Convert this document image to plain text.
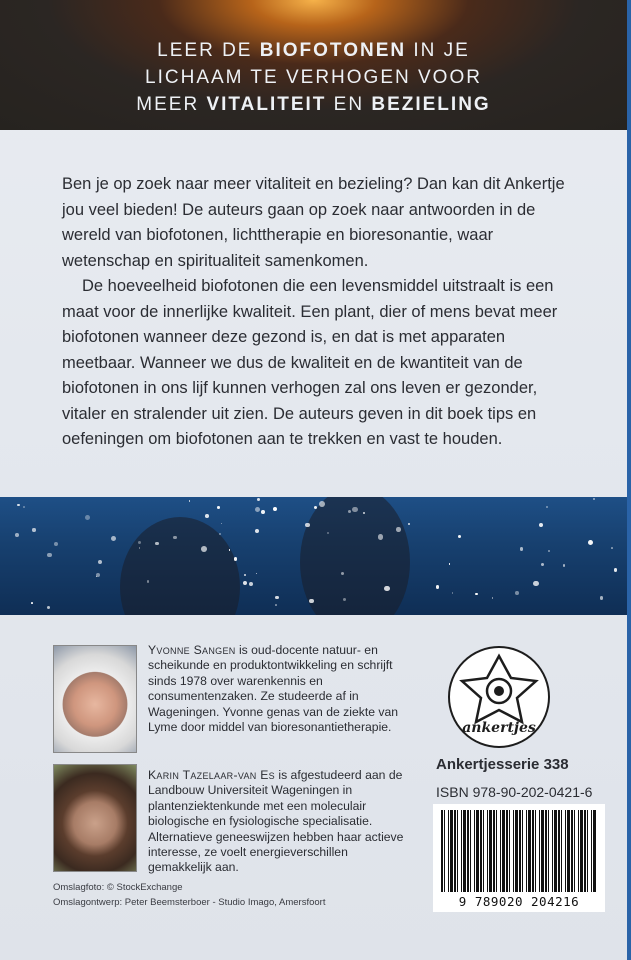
LEER DE BIOFOTONEN IN JE
LICHAAM TE VERHOGEN VOOR
MEER VITALITEIT EN BEZIELING

Ben je op zoek naar meer vitaliteit en bezieling? Dan kan dit Ankertje jou veel bieden! De auteurs gaan op zoek naar antwoorden in de wereld van biofotonen, lichttherapie en bioresonantie, waar wetenschap en spiritualiteit samenkomen.

De hoeveelheid biofotonen die een levensmiddel uitstraalt is een maat voor de innerlijke kwaliteit. Een plant, dier of mens bevat meer biofotonen wanneer deze gezond is, en dat is met apparaten meetbaar. Wanneer we dus de kwaliteit en de kwantiteit van de biofotonen in ons lijf kunnen verhogen zal ons leven er gezonder, vitaler en stralender uit zien. De auteurs geven in dit boek tips en oefeningen om biofotonen aan te trekken en vast te houden.

Yvonne Sangen is oud-docente natuur- en scheikunde en produktontwikkeling en schrijft sinds 1978 over warenkennis en consumentenzaken. Ze studeerde af in Wageningen. Yvonne genas van de ziekte van Lyme door middel van bioresonantietherapie.

Karin Tazelaar-van Es is afgestudeerd aan de Landbouw Universiteit Wageningen in plantenziektenkunde met een moleculair biologische en fysiologische specialisatie. Alternatieve geneeswijzen hebben haar actieve interesse, ze voelt energieverschillen gemakkelijk aan.

ankertjes
Ankertjesserie 338
ISBN 978-90-202-0421-6
9 789020 204216
Omslagfoto: © StockExchange
Omslagontwerp: Peter Beemsterboer - Studio Imago, Amersfoort
